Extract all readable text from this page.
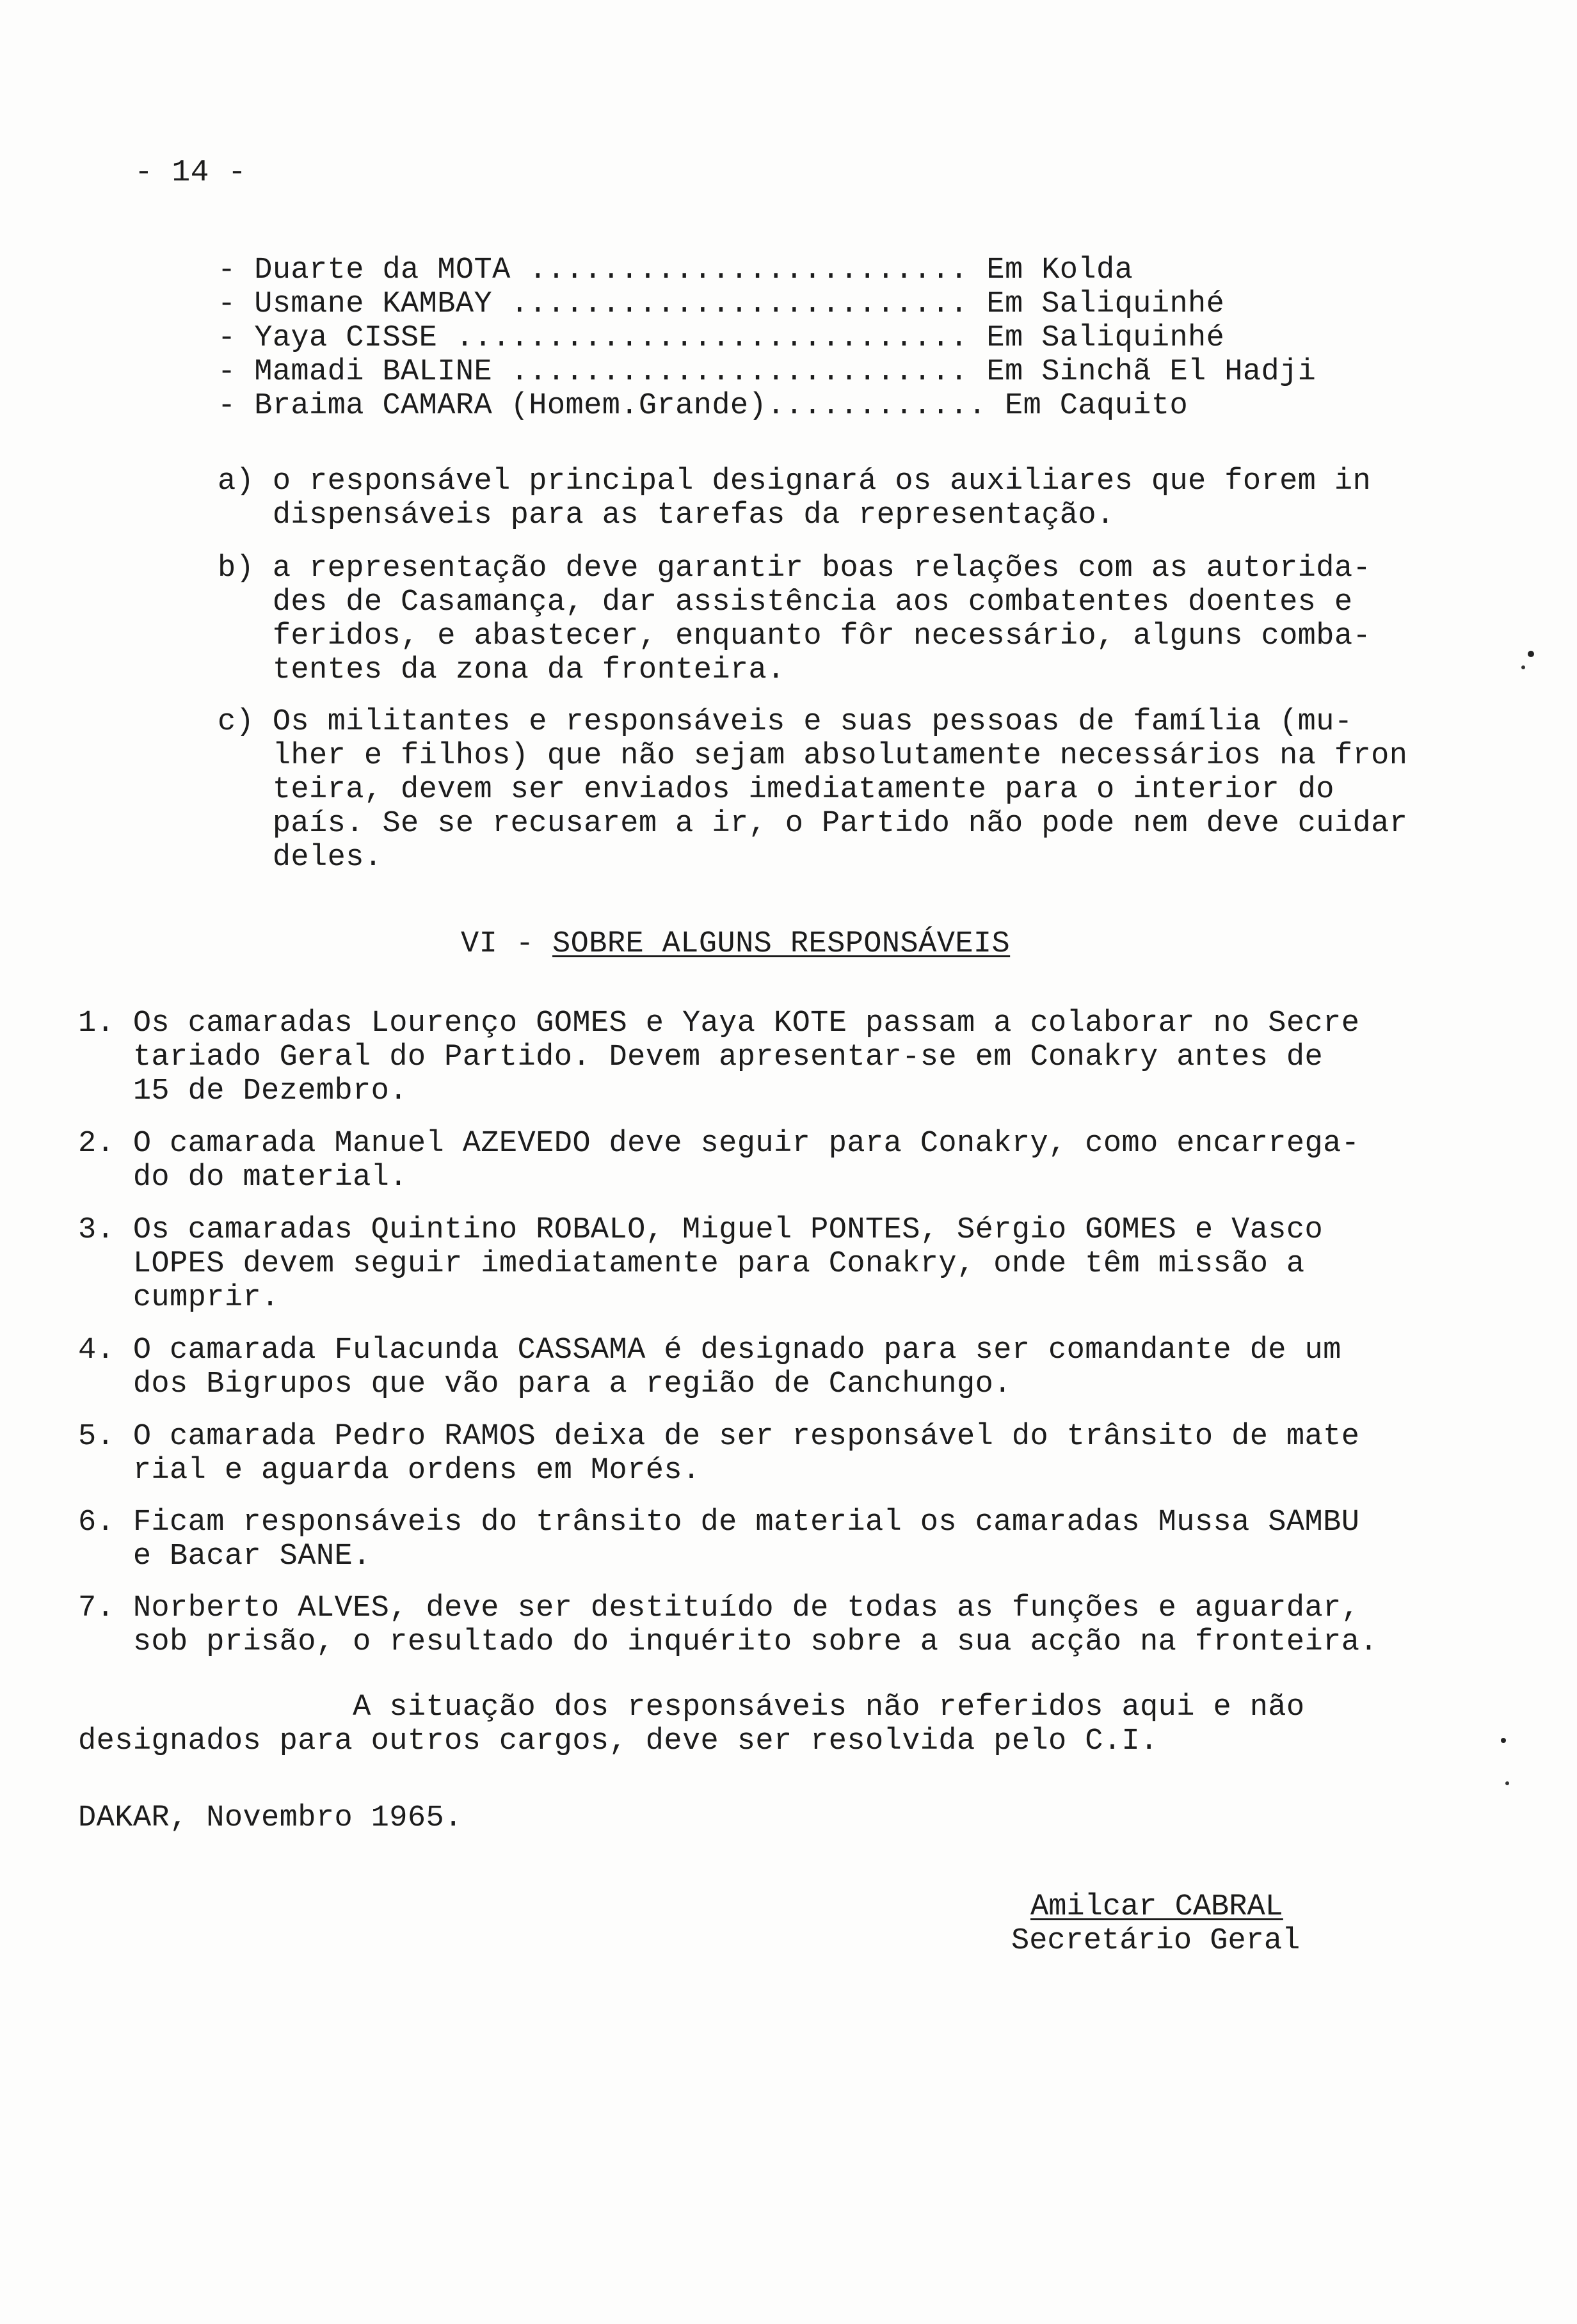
- 14 -
- Duarte da MOTA ........................ Em Kolda
- Usmane KAMBAY ......................... Em Saliquinhé
- Yaya CISSE ............................ Em Saliquinhé
- Mamadi BALINE ......................... Em Sinchã El Hadji
- Braima CAMARA (Homem.Grande)............ Em Caquito
a) o responsável principal designará os auxiliares que forem in
dispensáveis para as tarefas da representação.
b) a representação deve garantir boas relações com as autorida-
des de Casamança, dar assistência aos combatentes doentes e
feridos, e abastecer, enquanto fôr necessário, alguns comba-
tentes da zona da fronteira.
c) Os militantes e responsáveis e suas pessoas de família (mu-
lher e filhos) que não sejam absolutamente necessários na fron
teira, devem ser enviados imediatamente para o interior do
país. Se se recusarem a ir, o Partido não pode nem deve cuidar
deles.
VI - SOBRE ALGUNS RESPONSÁVEIS
1. Os camaradas Lourenço GOMES e Yaya KOTE passam a colaborar no Secre
tariado Geral do Partido. Devem apresentar-se em Conakry antes de
15 de Dezembro.
2. O camarada Manuel AZEVEDO deve seguir para Conakry, como encarrega-
do do material.
3. Os camaradas Quintino ROBALO, Miguel PONTES, Sérgio GOMES e Vasco
LOPES devem seguir imediatamente para Conakry, onde têm missão a
cumprir.
4. O camarada Fulacunda CASSAMA é designado para ser comandante de um
dos Bigrupos que vão para a região de Canchungo.
5. O camarada Pedro RAMOS deixa de ser responsável do trânsito de mate
rial e aguarda ordens em Morés.
6. Ficam responsáveis do trânsito de material os camaradas Mussa SAMBU
e Bacar SANE.
7. Norberto ALVES, deve ser destituído de todas as funções e aguardar,
sob prisão, o resultado do inquérito sobre a sua acção na fronteira.
A situação dos responsáveis não referidos aqui e não
designados para outros cargos, deve ser resolvida pelo C.I.
DAKAR, Novembro 1965.
Amilcar CABRAL
Secretário Geral
